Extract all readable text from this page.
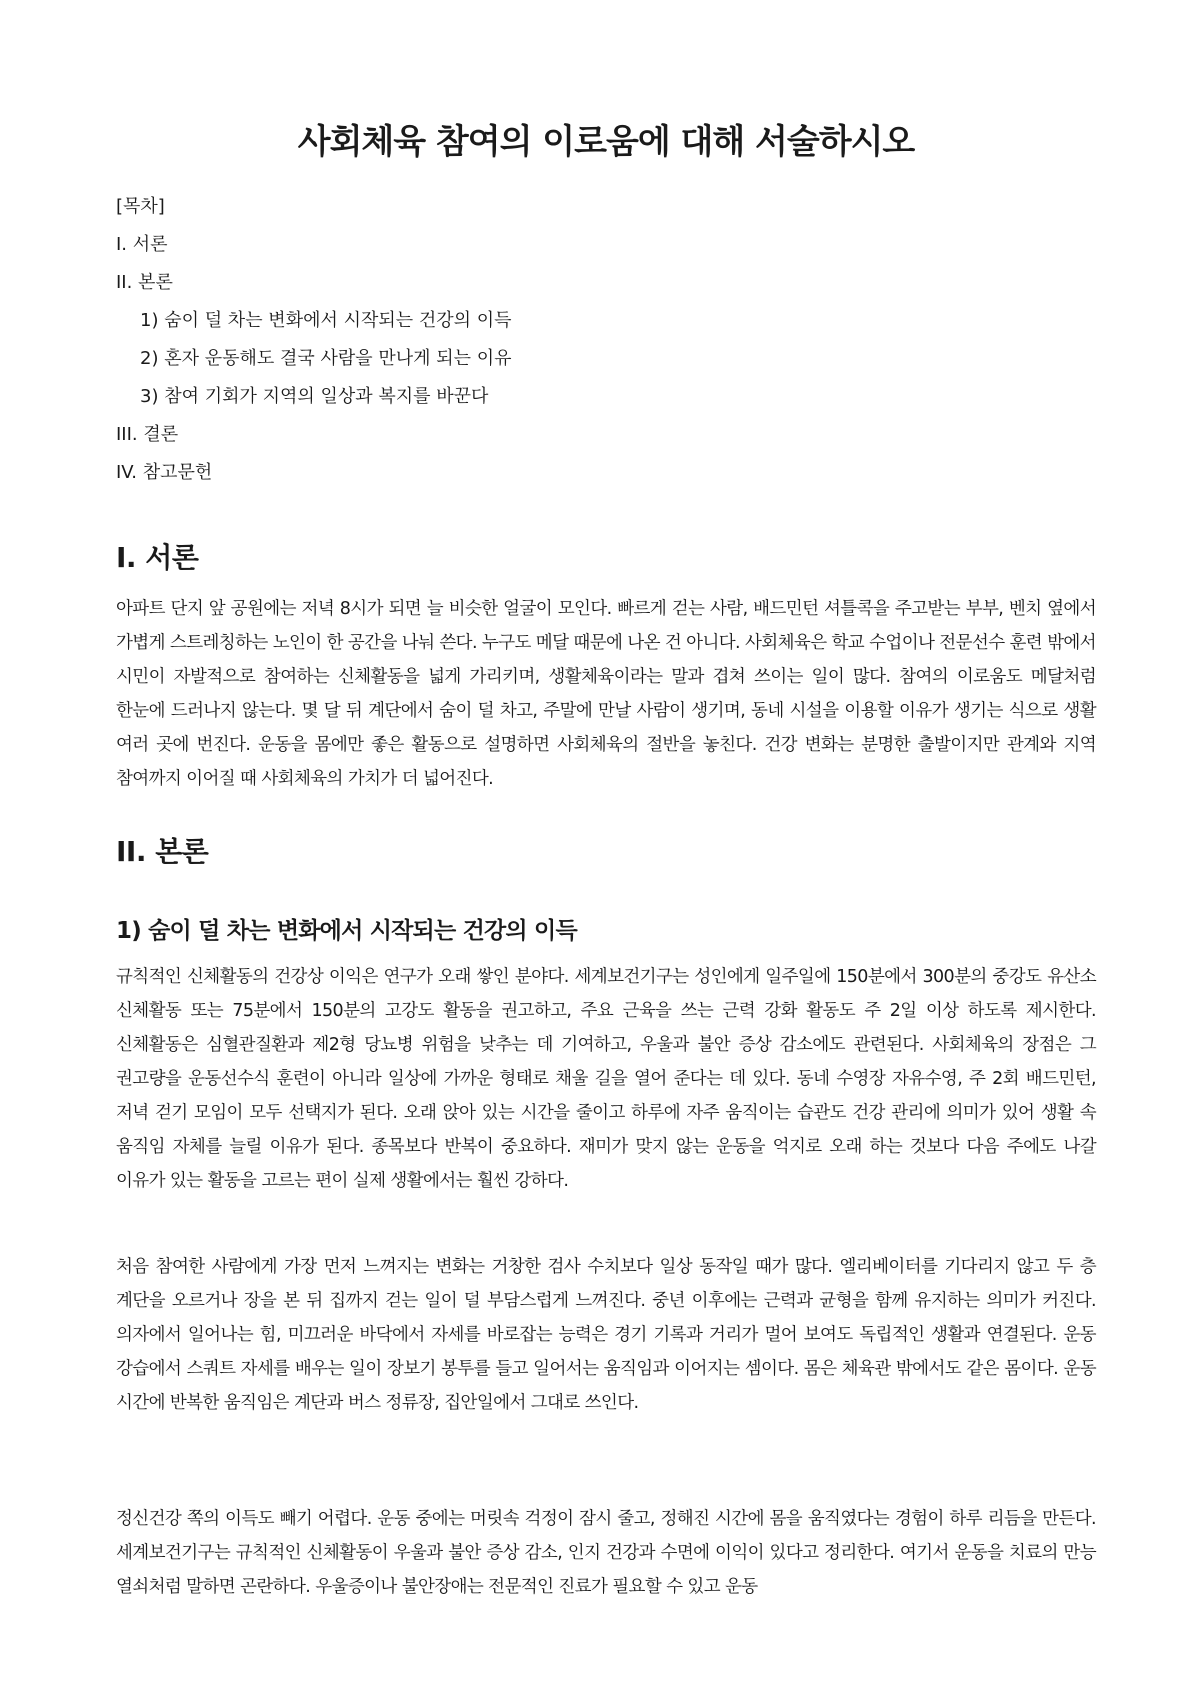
사회체육 참여의 이로움에 대해 서술하시오
[목차]
I. 서론
II. 본론
1) 숨이 덜 차는 변화에서 시작되는 건강의 이득
2) 혼자 운동해도 결국 사람을 만나게 되는 이유
3) 참여 기회가 지역의 일상과 복지를 바꾼다
III. 결론
IV. 참고문헌
I. 서론

아파트 단지 앞 공원에는 저녁 8시가 되면 늘 비슷한 얼굴이 모인다. 빠르게 걷는 사람, 배드민턴 셔틀콕을 주고받는 부부, 벤치 옆에서 가볍게 스트레칭하는 노인이 한 공간을 나눠 쓴다. 누구도 메달 때문에 나온 건 아니다. 사회체육은 학교 수업이나 전문선수 훈련 밖에서 시민이 자발적으로 참여하는 신체활동을 넓게 가리키며, 생활체육이라는 말과 겹쳐 쓰이는 일이 많다. 참여의 이로움도 메달처럼 한눈에 드러나지 않는다. 몇 달 뒤 계단에서 숨이 덜 차고, 주말에 만날 사람이 생기며, 동네 시설을 이용할 이유가 생기는 식으로 생활 여러 곳에 번진다. 운동을 몸에만 좋은 활동으로 설명하면 사회체육의 절반을 놓친다. 건강 변화는 분명한 출발이지만 관계와 지역 참여까지 이어질 때 사회체육의 가치가 더 넓어진다.

II. 본론
1) 숨이 덜 차는 변화에서 시작되는 건강의 이득

규칙적인 신체활동의 건강상 이익은 연구가 오래 쌓인 분야다. 세계보건기구는 성인에게 일주일에 150분에서 300분의 중강도 유산소 신체활동 또는 75분에서 150분의 고강도 활동을 권고하고, 주요 근육을 쓰는 근력 강화 활동도 주 2일 이상 하도록 제시한다. 신체활동은 심혈관질환과 제2형 당뇨병 위험을 낮추는 데 기여하고, 우울과 불안 증상 감소에도 관련된다. 사회체육의 장점은 그 권고량을 운동선수식 훈련이 아니라 일상에 가까운 형태로 채울 길을 열어 준다는 데 있다. 동네 수영장 자유수영, 주 2회 배드민턴, 저녁 걷기 모임이 모두 선택지가 된다. 오래 앉아 있는 시간을 줄이고 하루에 자주 움직이는 습관도 건강 관리에 의미가 있어 생활 속 움직임 자체를 늘릴 이유가 된다. 종목보다 반복이 중요하다. 재미가 맞지 않는 운동을 억지로 오래 하는 것보다 다음 주에도 나갈 이유가 있는 활동을 고르는 편이 실제 생활에서는 훨씬 강하다.

처음 참여한 사람에게 가장 먼저 느껴지는 변화는 거창한 검사 수치보다 일상 동작일 때가 많다. 엘리베이터를 기다리지 않고 두 층 계단을 오르거나 장을 본 뒤 집까지 걷는 일이 덜 부담스럽게 느껴진다. 중년 이후에는 근력과 균형을 함께 유지하는 의미가 커진다. 의자에서 일어나는 힘, 미끄러운 바닥에서 자세를 바로잡는 능력은 경기 기록과 거리가 멀어 보여도 독립적인 생활과 연결된다. 운동 강습에서 스쿼트 자세를 배우는 일이 장보기 봉투를 들고 일어서는 움직임과 이어지는 셈이다. 몸은 체육관 밖에서도 같은 몸이다. 운동 시간에 반복한 움직임은 계단과 버스 정류장, 집안일에서 그대로 쓰인다.

정신건강 쪽의 이득도 빼기 어렵다. 운동 중에는 머릿속 걱정이 잠시 줄고, 정해진 시간에 몸을 움직였다는 경험이 하루 리듬을 만든다. 세계보건기구는 규칙적인 신체활동이 우울과 불안 증상 감소, 인지 건강과 수면에 이익이 있다고 정리한다. 여기서 운동을 치료의 만능 열쇠처럼 말하면 곤란하다. 우울증이나 불안장애는 전문적인 진료가 필요할 수 있고 운동
